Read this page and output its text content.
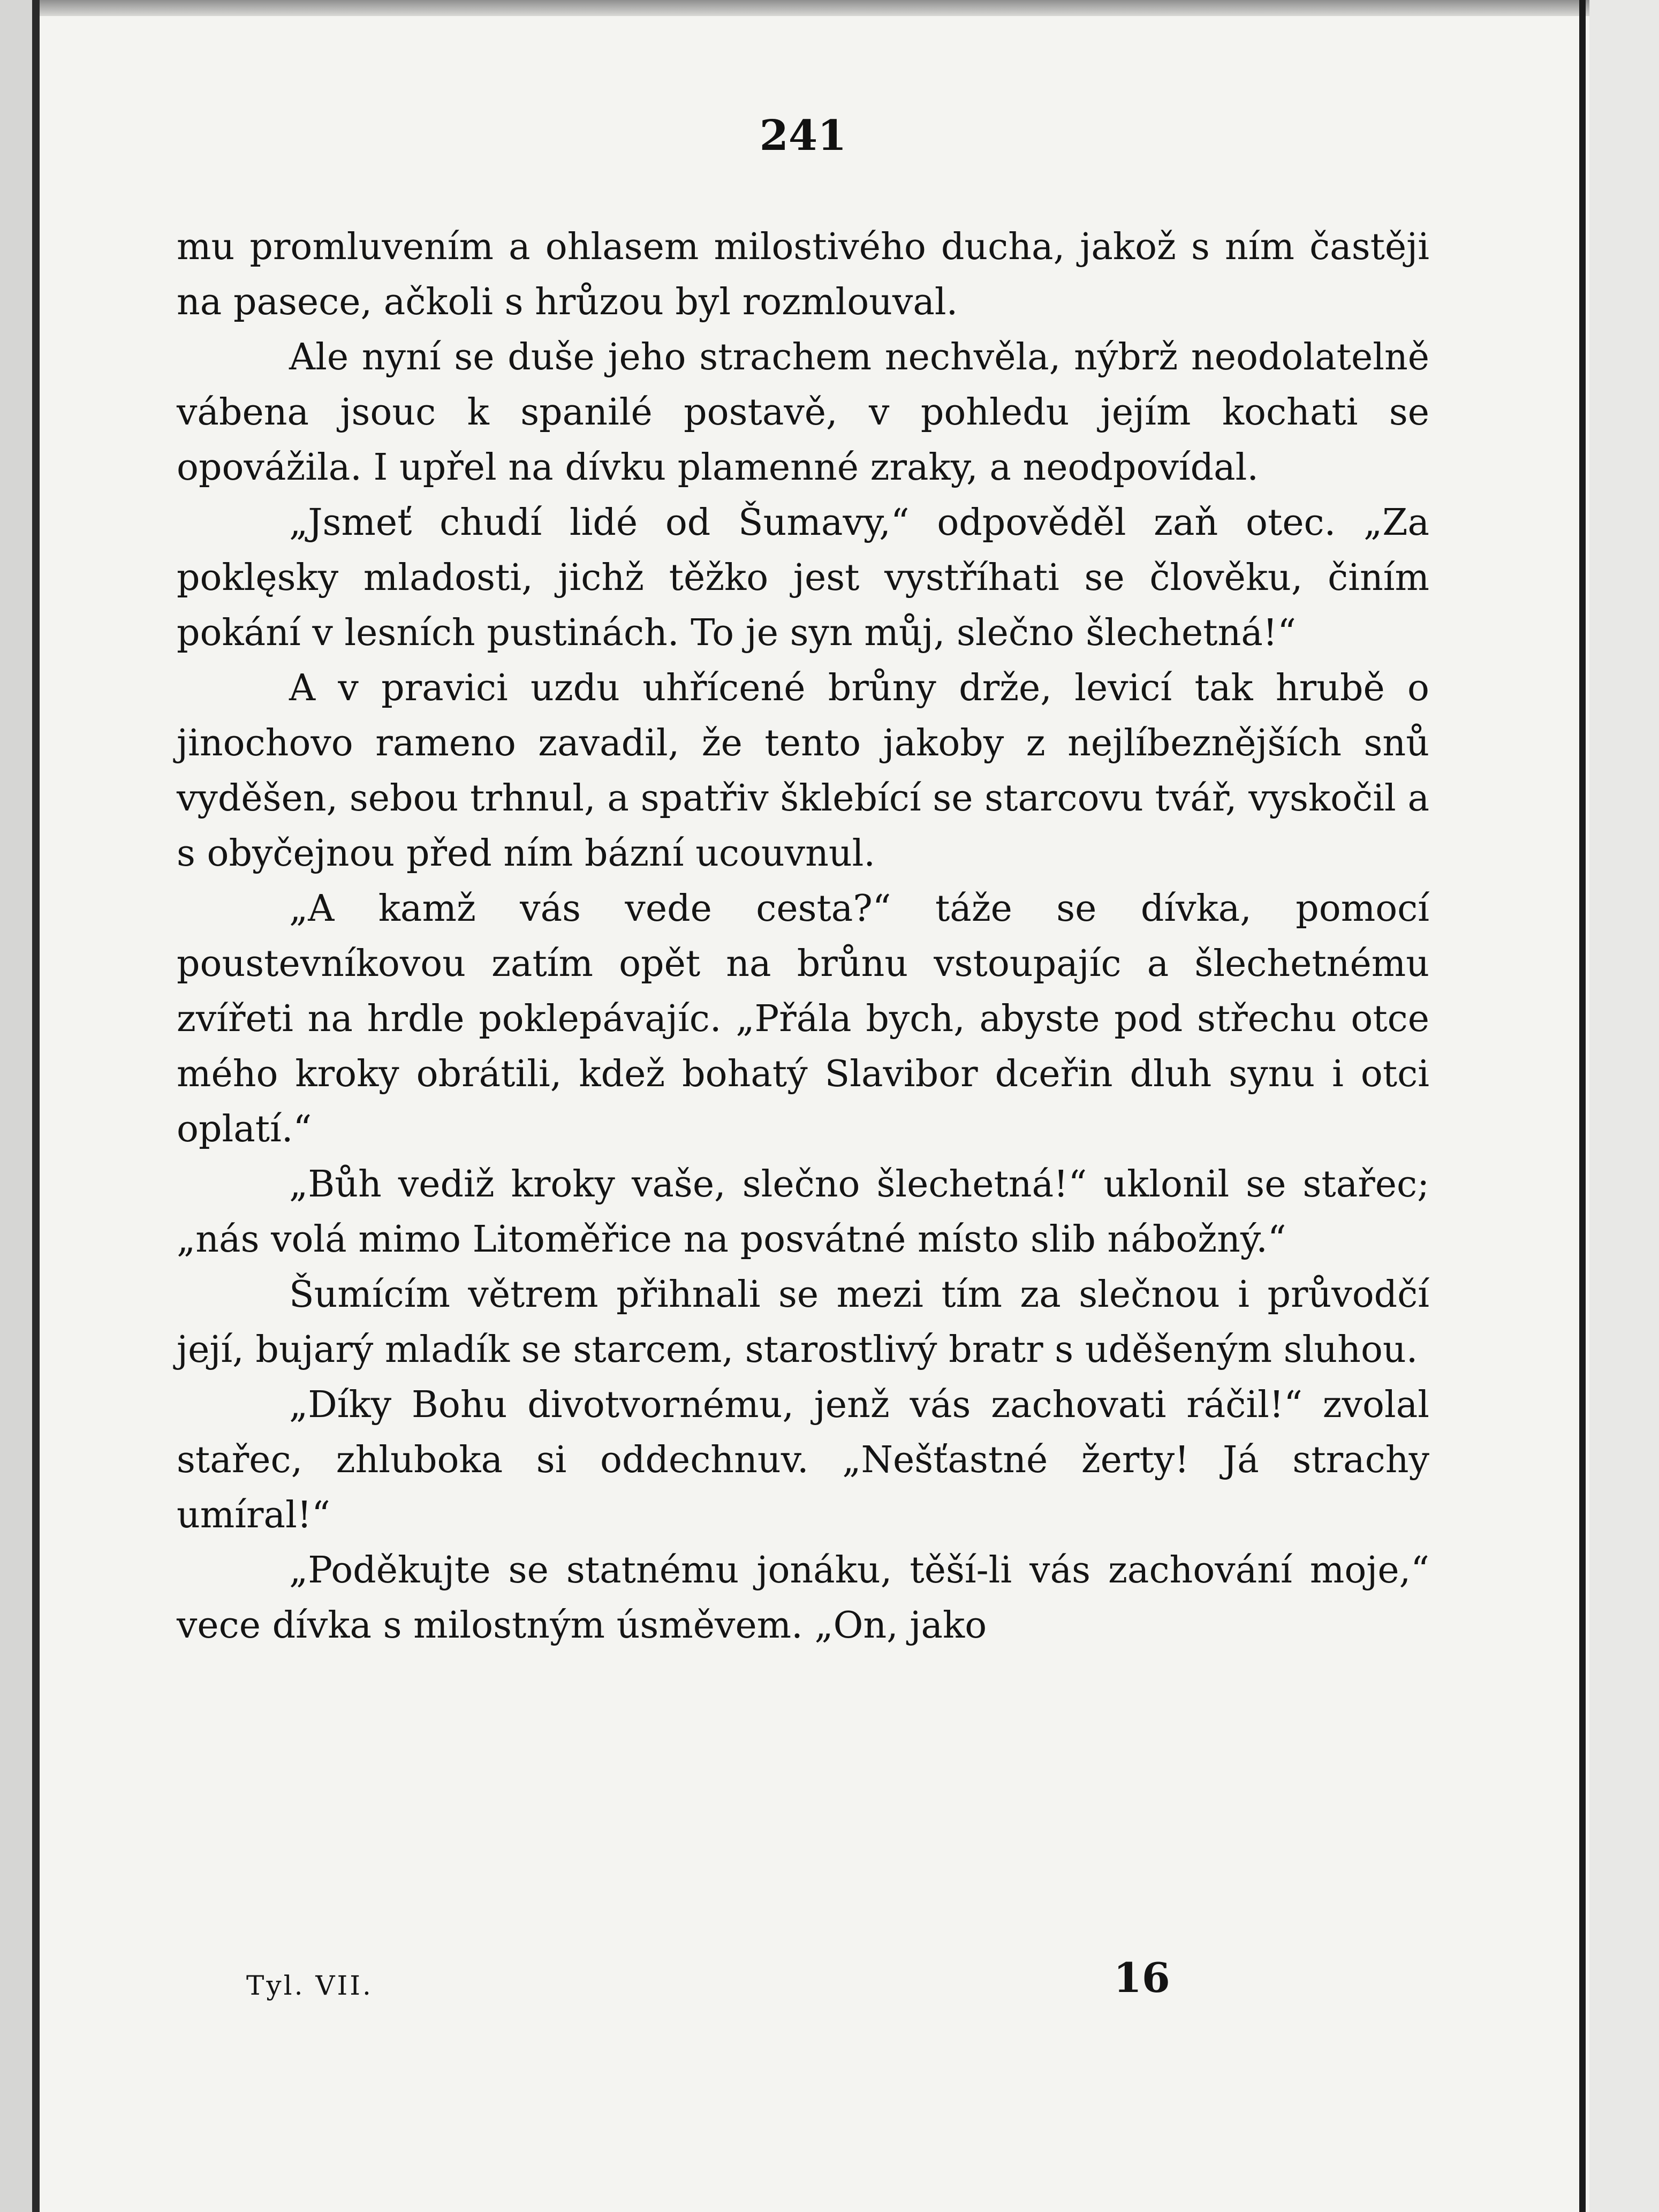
241

mu promluvením a ohlasem milostivého ducha, jakož s ním častěji na pasece, ačkoli s hrůzou byl rozmlouval.

Ale nyní se duše jeho strachem nechvěla, nýbrž neodolatelně vábena jsouc k spanilé postavě, v pohledu jejím kochati se opovážila. I upřel na dívku plamenné zraky, a neodpovídal.

„Jsmeť chudí lidé od Šumavy,“ odpověděl zaň otec. „Za poklęsky mladosti, jichž těžko jest vystříhati se člověku, činím pokání v lesních pustinách. To je syn můj, slečno šlechetná!“

A v pravici uzdu uhřícené brůny drže, levicí tak hrubě o jinochovo rameno zavadil, že tento jakoby z nejlíbeznějších snů vyděšen, sebou trhnul, a spatřiv šklebící se starcovu tvář, vyskočil a s obyčejnou před ním bázní ucouvnul.

„A kamž vás vede cesta?“ táže se dívka, pomocí poustevníkovou zatím opět na brůnu vstoupajíc a šlechetnému zvířeti na hrdle poklepávajíc. „Přála bych, abyste pod střechu otce mého kroky obrátili, kdež bohatý Slavibor dceřin dluh synu i otci oplatí.“

„Bůh vediž kroky vaše, slečno šlechetná!“ uklonil se stařec; „nás volá mimo Litoměřice na posvátné místo slib nábožný.“

Šumícím větrem přihnali se mezi tím za slečnou i průvodčí její, bujarý mladík se starcem, starostlivý bratr s uděšeným sluhou.

„Díky Bohu divotvornému, jenž vás zachovati ráčil!“ zvolal stařec, zhluboka si oddechnuv. „Nešťastné žerty! Já strachy umíral!“

„Poděkujte se statnému jonáku, těší-li vás zachování moje,“ vece dívka s milostným úsměvem. „On, jako

Tyl. VII.	16
